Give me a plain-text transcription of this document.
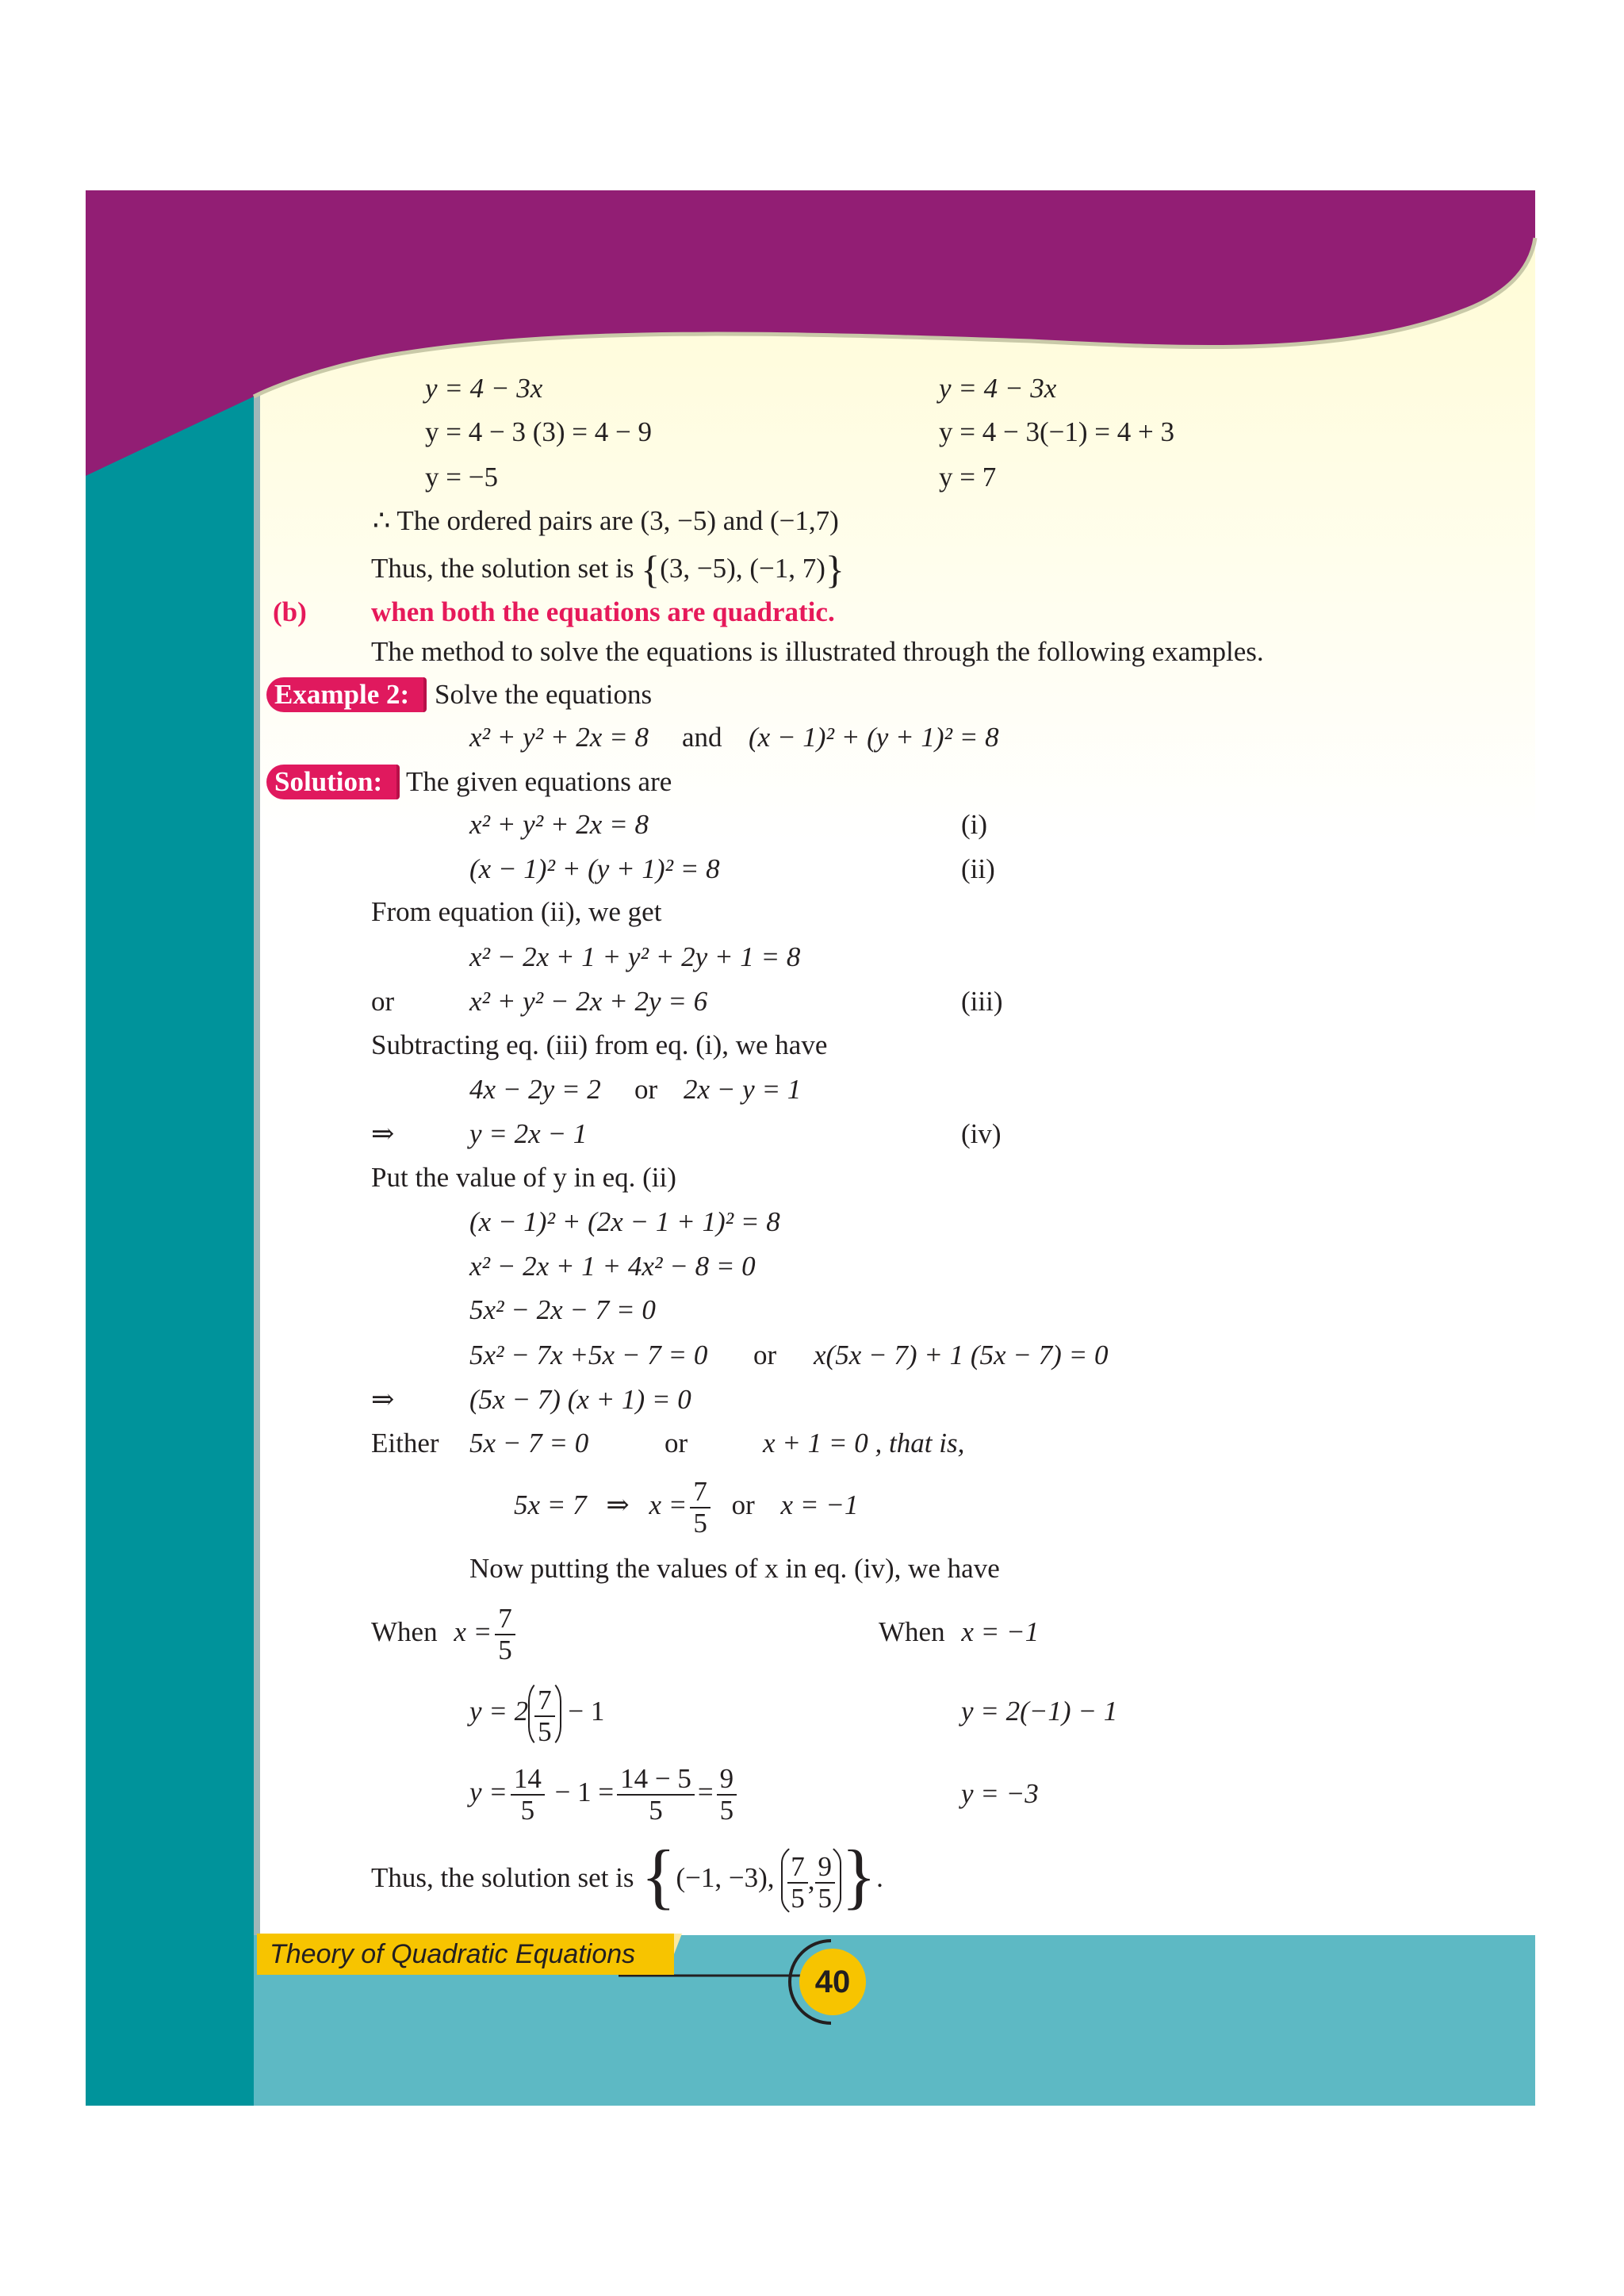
y = 4 − 3x	y = 4 − 3x
y = 4 − 3 (3) = 4 − 9	y = 4 − 3(−1) = 4 + 3
y = −5	y = 7
∴ The ordered pairs are (3, −5) and (−1,7)
Thus, the solution set is {(3, −5), (−1, 7)}
(b) when both the equations are quadratic.
The method to solve the equations is illustrated through the following examples.
Example 2: Solve the equations
x² + y² + 2x = 8 and (x − 1)² + (y + 1)² = 8
Solution: The given equations are
x² + y² + 2x = 8	(i)
(x − 1)² + (y + 1)² = 8	(ii)
From equation (ii), we get
x² − 2x + 1 + y² + 2y + 1 = 8
or	x² + y² − 2x + 2y = 6	(iii)
Subtracting eq. (iii) from eq. (i), we have
4x − 2y = 2 or 2x − y = 1
⇒	y = 2x − 1	(iv)
Put the value of y in eq. (ii)
(x − 1)² + (2x − 1 + 1)² = 8
x² − 2x + 1 + 4x² − 8 = 0
5x² − 2x − 7 = 0
5x² − 7x +5x − 7 = 0 or x(5x − 7) + 1 (5x − 7) = 0
⇒	(5x − 7) (x + 1) = 0
Either 5x − 7 = 0	or	x + 1 = 0 , that is,
5x = 7 ⇒ $x = \frac{7}{5}$ or x = −1
Now putting the values of x in eq. (iv), we have
When $x = \frac{7}{5}$	When x = −1
$y = 2 \frac{7}{5} - 1$	y = 2(−1) − 1
$y = \frac{14}{5} - 1 = \frac{14 - 5}{5} = \frac{9}{5}$	y = −3
Thus, the solution set is {(−1, −3), $\frac{7}{5}$ , $\frac{9}{5}$ }.
Theory of Quadratic Equations
40
